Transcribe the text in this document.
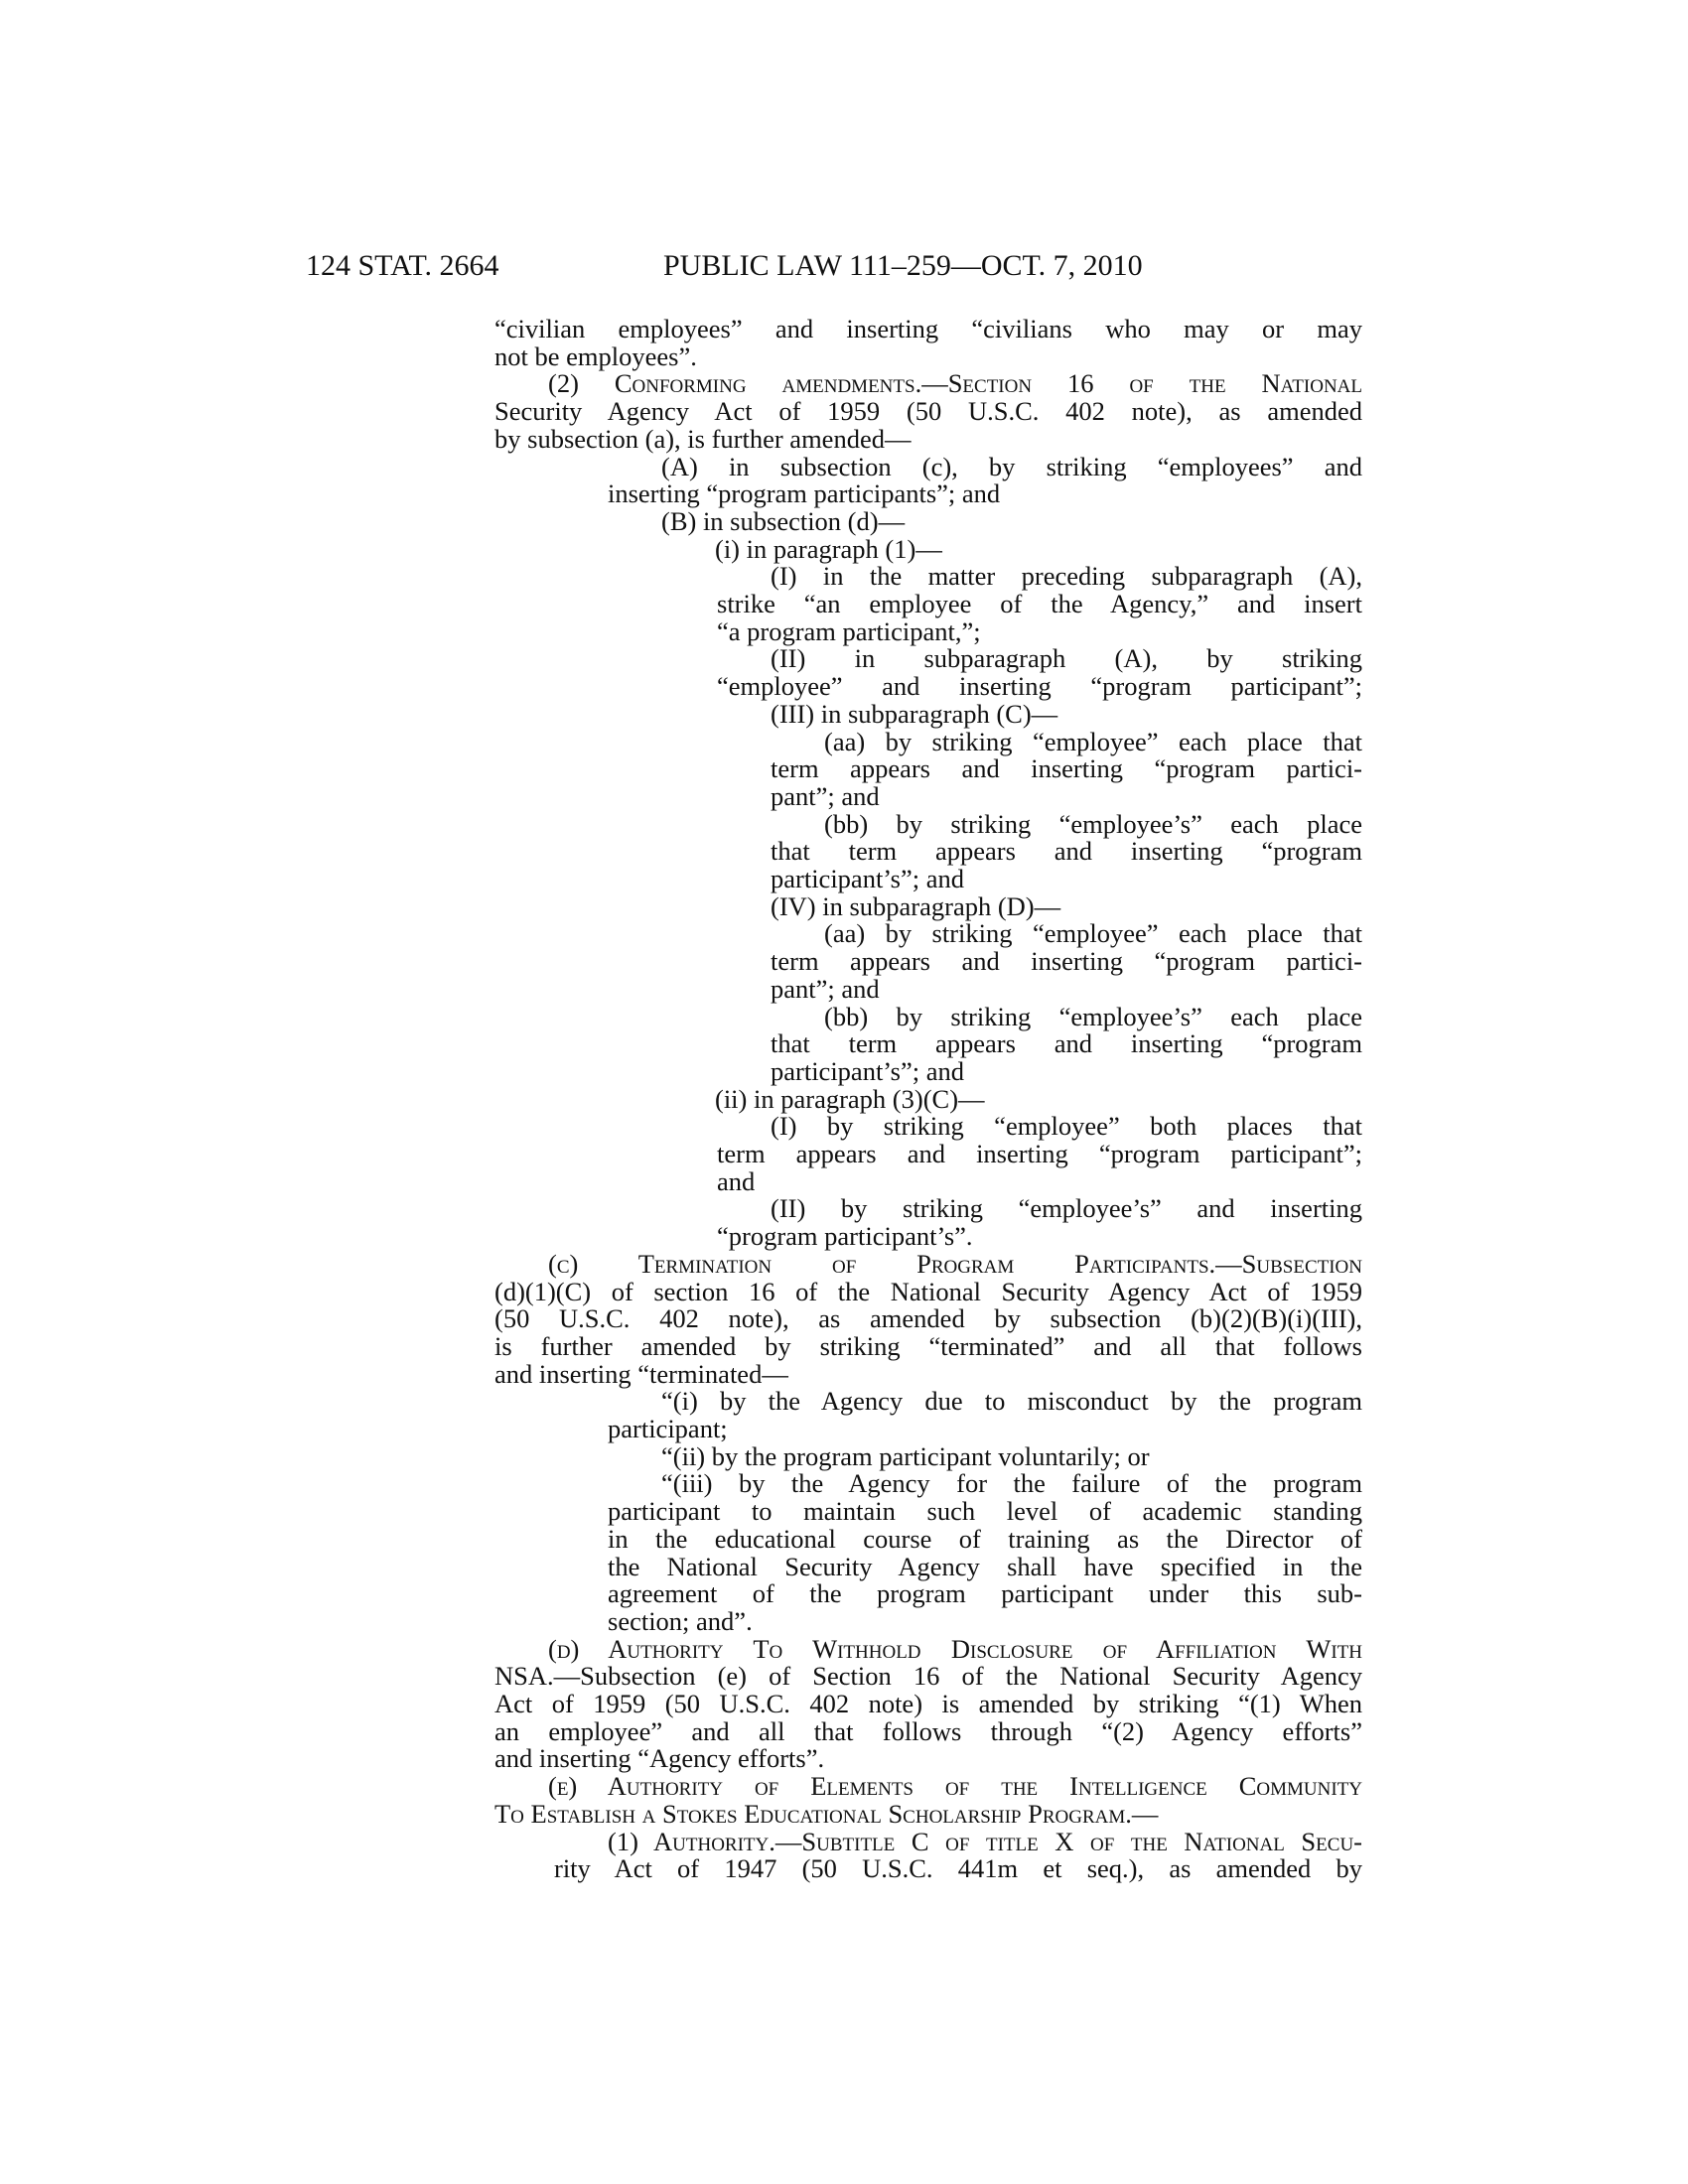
124 STAT. 2664	PUBLIC LAW 111–259—OCT. 7, 2010
“civilian employees” and inserting “civilians who may or may
not be employees”.
(2) Conforming amendments.—Section 16 of the National
Security Agency Act of 1959 (50 U.S.C. 402 note), as amended
by subsection (a), is further amended—
(A) in subsection (c), by striking “employees” and
inserting “program participants”; and
(B) in subsection (d)—
(i) in paragraph (1)—
(I) in the matter preceding subparagraph (A),
strike “an employee of the Agency,” and insert
“a program participant,”;
(II) in subparagraph (A), by striking
“employee” and inserting “program participant”;
(III) in subparagraph (C)—
(aa) by striking “employee” each place that
term appears and inserting “program partici-
pant”; and
(bb) by striking “employee’s” each place
that term appears and inserting “program
participant’s”; and
(IV) in subparagraph (D)—
(aa) by striking “employee” each place that
term appears and inserting “program partici-
pant”; and
(bb) by striking “employee’s” each place
that term appears and inserting “program
participant’s”; and
(ii) in paragraph (3)(C)—
(I) by striking “employee” both places that
term appears and inserting “program participant”;
and
(II) by striking “employee’s” and inserting
“program participant’s”.
(c) Termination of Program Participants.—Subsection
(d)(1)(C) of section 16 of the National Security Agency Act of 1959
(50 U.S.C. 402 note), as amended by subsection (b)(2)(B)(i)(III),
is further amended by striking “terminated” and all that follows
and inserting “terminated—
“(i) by the Agency due to misconduct by the program
participant;
“(ii) by the program participant voluntarily; or
“(iii) by the Agency for the failure of the program
participant to maintain such level of academic standing
in the educational course of training as the Director of
the National Security Agency shall have specified in the
agreement of the program participant under this sub-
section; and”.
(d) Authority To Withhold Disclosure of Affiliation With
NSA.—Subsection (e) of Section 16 of the National Security Agency
Act of 1959 (50 U.S.C. 402 note) is amended by striking “(1) When
an employee” and all that follows through “(2) Agency efforts”
and inserting “Agency efforts”.
(e) Authority of Elements of the Intelligence Community
To Establish a Stokes Educational Scholarship Program.—
(1) Authority.—Subtitle C of title X of the National Secu-
rity Act of 1947 (50 U.S.C. 441m et seq.), as amended by
